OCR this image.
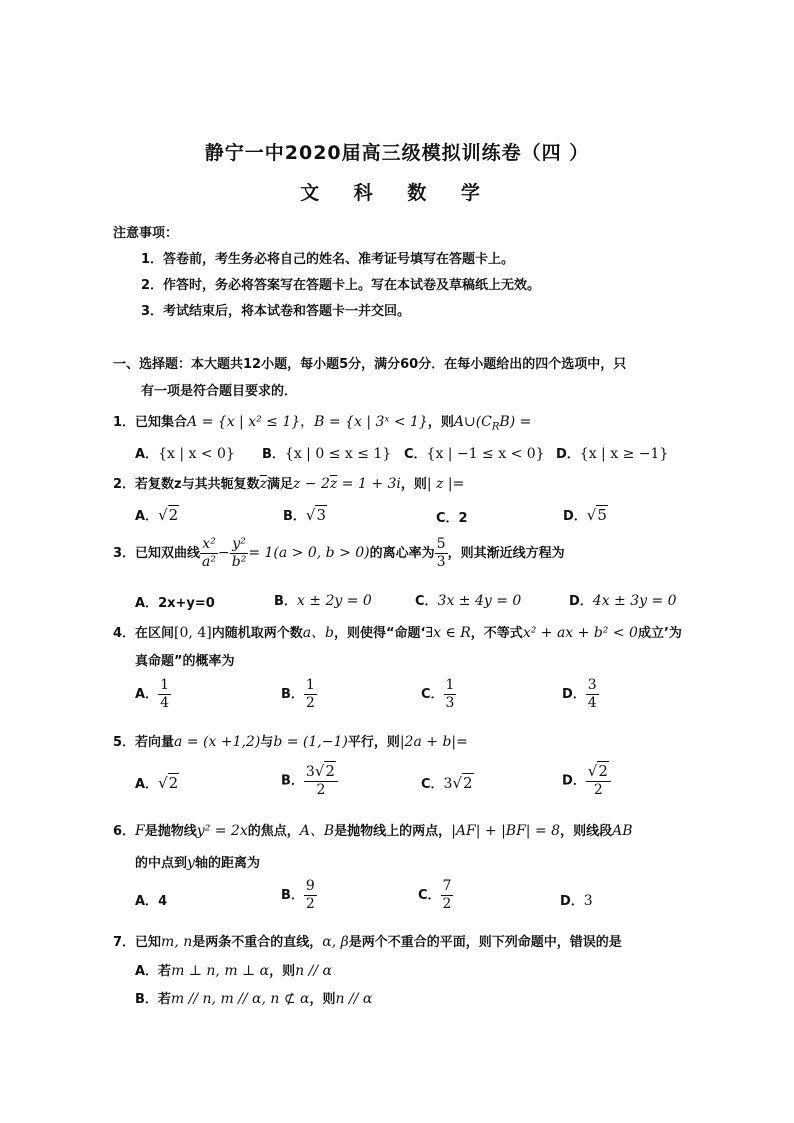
静宁一中2020届高三级模拟训练卷（四 ）
文 科 数 学
注意事项：
1．答卷前，考生务必将自己的姓名、准考证号填写在答题卡上。
2．作答时，务必将答案写在答题卡上。写在本试卷及草稿纸上无效。
3．考试结束后，将本试卷和答题卡一并交回。
一、选择题：本大题共12小题，每小题5分，满分60分．在每小题给出的四个选项中，只
有一项是符合题目要求的．
1．已知集合A = {x | x² ≤ 1}，B = {x | 3ˣ < 1}，则$A\cup(C_RB)$ =
A．{x | x < 0} B．{x | 0 ≤ x ≤ 1} C．{x | −1 ≤ x < 0} D．{x | x ≥ −1}
2．若复数z与其共轭复数$\overline{z}$满足$z - 2\overline{z} = 1 + 3i$，则| z |=
A．√2	B．√3	C．2	D．√5
3．已知双曲线 $\frac{\text{x²}}{\text{a²}} - \frac{\text{y²}}{\text{b²}} = 1(a > 0$, b > 0)的离心率为 $\frac{5}{3}$ ，则其渐近线方程为
A．2x+y=0	B．x ± 2y = 0	C．3x ± 4y = 0	D．4x ± 3y = 0
4．在区间[0, 4]内随机取两个数a、b，则使得“命题‘∃x ∈ R，不等式x² + ax + b² < 0成立’为
真命题”的概率为
A． $\frac{1}{4}$	B． $\frac{1}{2}$	C． $\frac{1}{3}$	D． $\frac{3}{4}$
5．若向量a = (x +1,2)与b = (1,−1)平行，则|2a + b|=
A．√2	B． $\frac{3√2}{2}$	C．3√2	D． $\frac{√2}{2}$
6．F是抛物线y² = 2x的焦点，A、B是抛物线上的两点，|AF| + |BF| = 8，则线段AB
的中点到y轴的距离为
A．4	B． $\frac{9}{2}$	C． $\frac{7}{2}$	D．3
7．已知m, n是两条不重合的直线，α, β是两个不重合的平面，则下列命题中，错误的是
A．若m ⊥ n, m ⊥ α，则n // α
B．若m // n, m // α, n ⊄ α，则n // α
